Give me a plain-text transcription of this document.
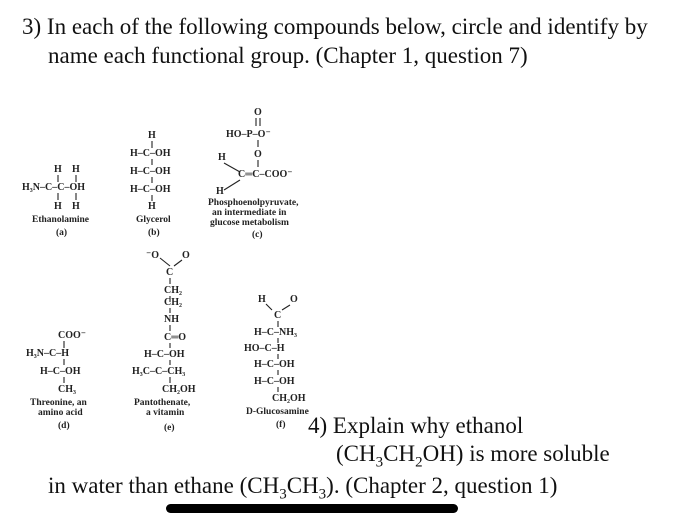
3) In each of the following compounds below, circle and identify by name each functional group. (Chapter 1, question 7)
H H
H₃N–C–C–OH
H H
Ethanolamine
(a)
H
H–C–OH
H–C–OH
H–C–OH
H
Glycerol
(b)
O
HO–P–O⁻
O
H
C═C–COO⁻
H
Phosphoenolpyruvate,
an intermediate in
glucose metabolism
(c)
COO⁻
H₃N–C–H
H–C–OH
CH₃
Threonine, an
amino acid
(d)
⁻O O
C
CH₂
CH₂
NH
C═O
H–C–OH
H₃C–C–CH₃
CH₂OH
Pantothenate,
a vitamin
(e)
H O
C
H–C–NH₃
HO–C–H
H–C–OH
H–C–OH
CH₂OH
D-Glucosamine
(f) 4) Explain why ethanol
$(CH_3CH_2OH)$ is more soluble
in water than ethane $(CH_3CH_3)$. (Chapter 2, question 1)
